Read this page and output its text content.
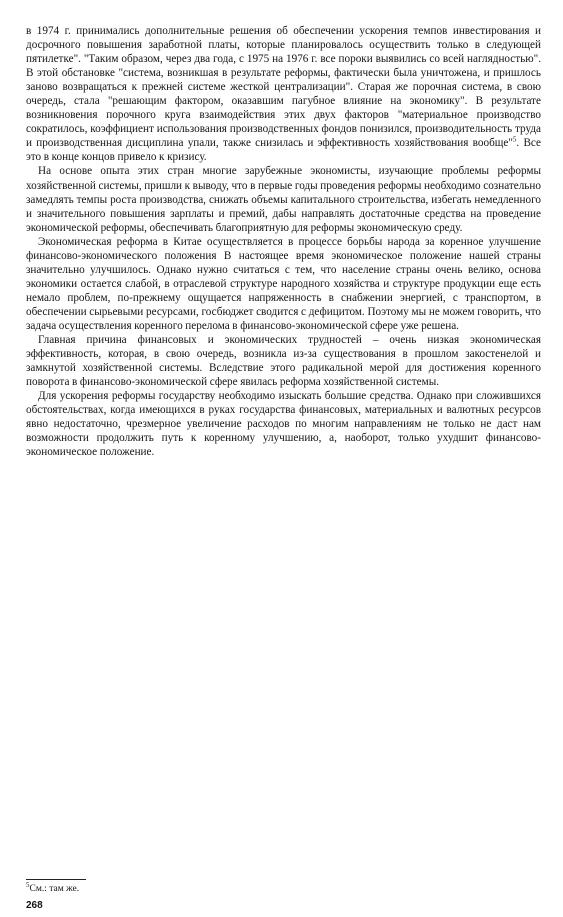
в 1974 г. принимались дополнительные решения об обеспечении ускорения темпов инвестирования и досрочного повышения заработной платы, которые планировалось осуществить только в следующей пятилетке". "Таким образом, через два года, с 1975 на 1976 г. все пороки выявились со всей наглядностью". В этой обстановке "система, возникшая в результате реформы, фактически была уничтожена, и пришлось заново возвращаться к прежней системе жесткой централизации". Старая же порочная система, в свою очередь, стала "решающим фактором, оказавшим пагубное влияние на экономику". В результате возникновения порочного круга взаимодействия этих двух факторов "материальное производство сократилось, коэффициент использования производственных фондов понизился, производительность труда и производственная дисциплина упали, также снизилась и эффективность хозяйствования вообще"$^5$. Все это в конце концов привело к кризису.

На основе опыта этих стран многие зарубежные экономисты, изучающие проблемы реформы хозяйственной системы, пришли к выводу, что в первые годы проведения реформы необходимо сознательно замедлять темпы роста производства, снижать объемы капитального строительства, избегать немедленного и значительного повышения зарплаты и премий, дабы направлять достаточные средства на проведение экономической реформы, обеспечивать благоприятную для реформы экономическую среду.

Экономическая реформа в Китае осуществляется в процессе борьбы народа за коренное улучшение финансово-экономического положения В настоящее время экономическое положение нашей страны значительно улучшилось. Однако нужно считаться с тем, что население страны очень велико, основа экономики остается слабой, в отраслевой структуре народного хозяйства и структуре продукции еще есть немало проблем, по-прежнему ощущается напряженность в снабжении энергией, с транспортом, в обеспечении сырьевыми ресурсами, госбюджет сводится с дефицитом. Поэтому мы не можем говорить, что задача осуществления коренного перелома в финансово-экономической сфере уже решена.

Главная причина финансовых и экономических трудностей – очень низкая экономическая эффективность, которая, в свою очередь, возникла из-за существования в прошлом закостенелой и замкнутой хозяйственной системы. Вследствие этого радикальной мерой для достижения коренного поворота в финансово-экономической сфере явилась реформа хозяйственной системы.

Для ускорения реформы государству необходимо изыскать большие средства. Однако при сложившихся обстоятельствах, когда имеющихся в руках государства финансовых, материальных и валютных ресурсов явно недостаточно, чрезмерное увеличение расходов по многим направлениям не только не даст нам возможности продолжить путь к коренному улучшению, а, наоборот, только ухудшит финансово-экономическое положение.

$^5$См.: там же.
268
